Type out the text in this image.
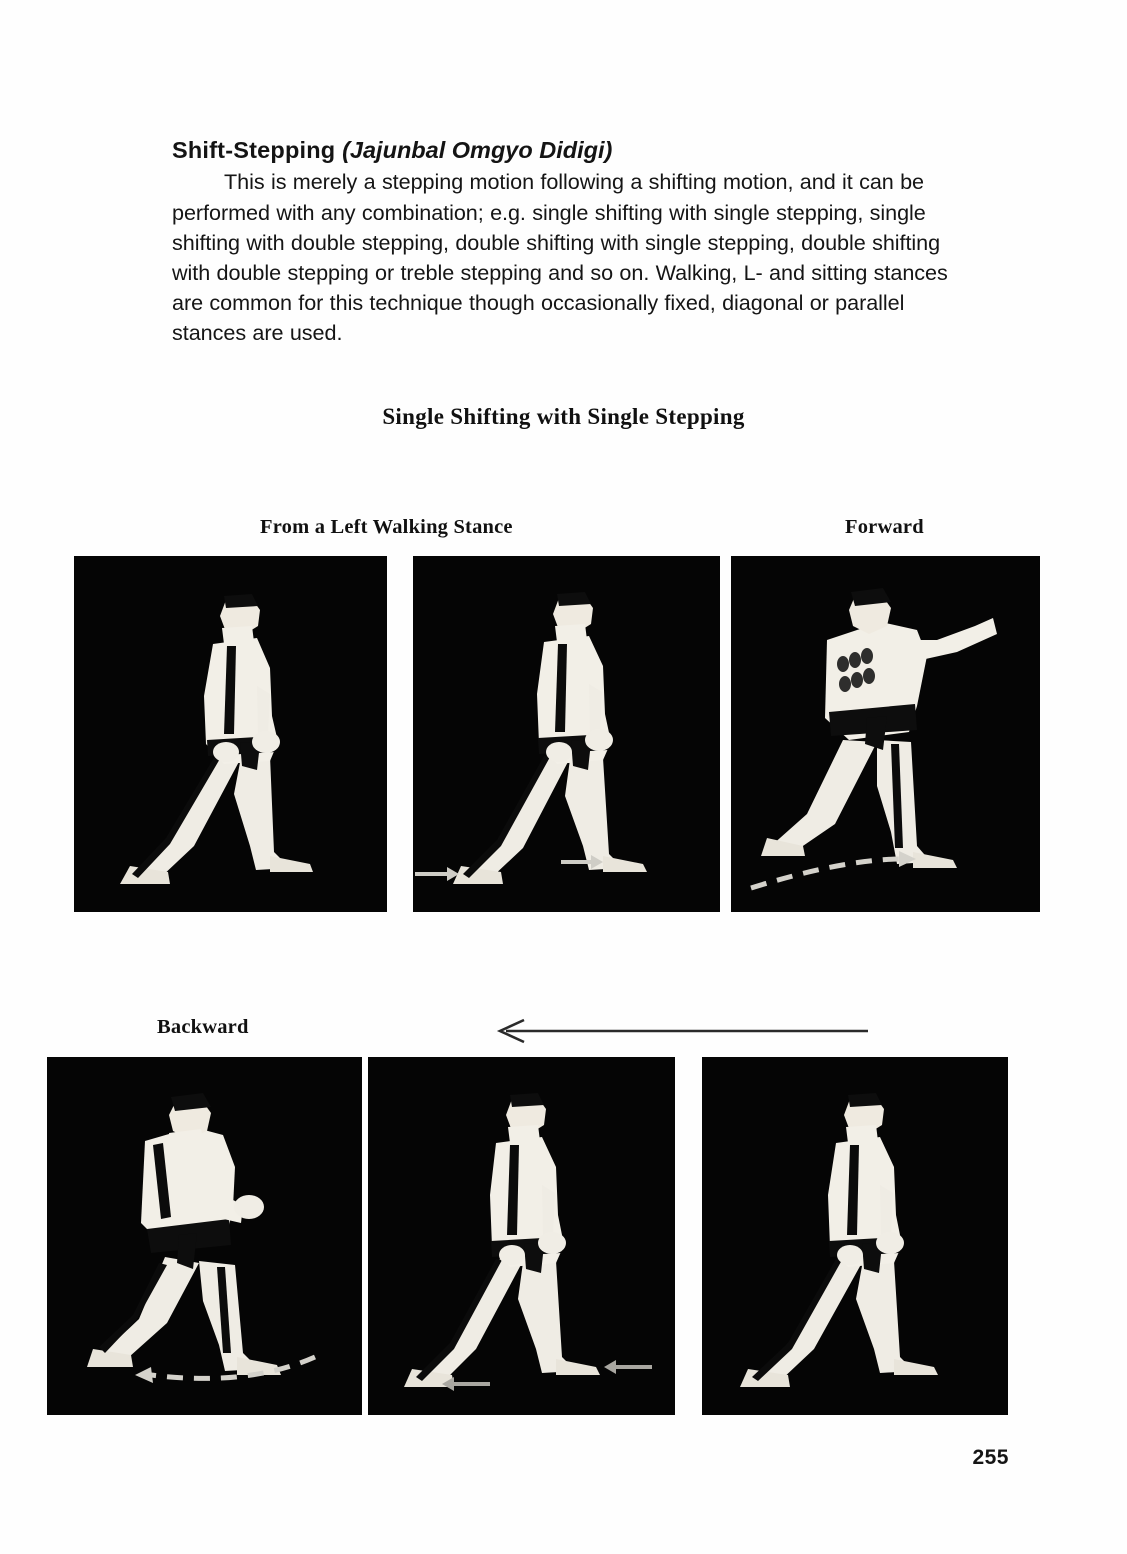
Shift-Stepping (Jajunbal Omgyo Didigi)

This is merely a stepping motion following a shifting motion, and it can be performed with any combination; e.g. single shifting with single stepping, single shifting with double stepping, double shifting with single stepping, double shifting with double stepping or treble stepping and so on. Walking, L- and sitting stances are common for this technique though occasionally fixed, diagonal or parallel stances are used.

Single Shifting with Single Stepping
From a Left Walking Stance	Forward
Backward
255
